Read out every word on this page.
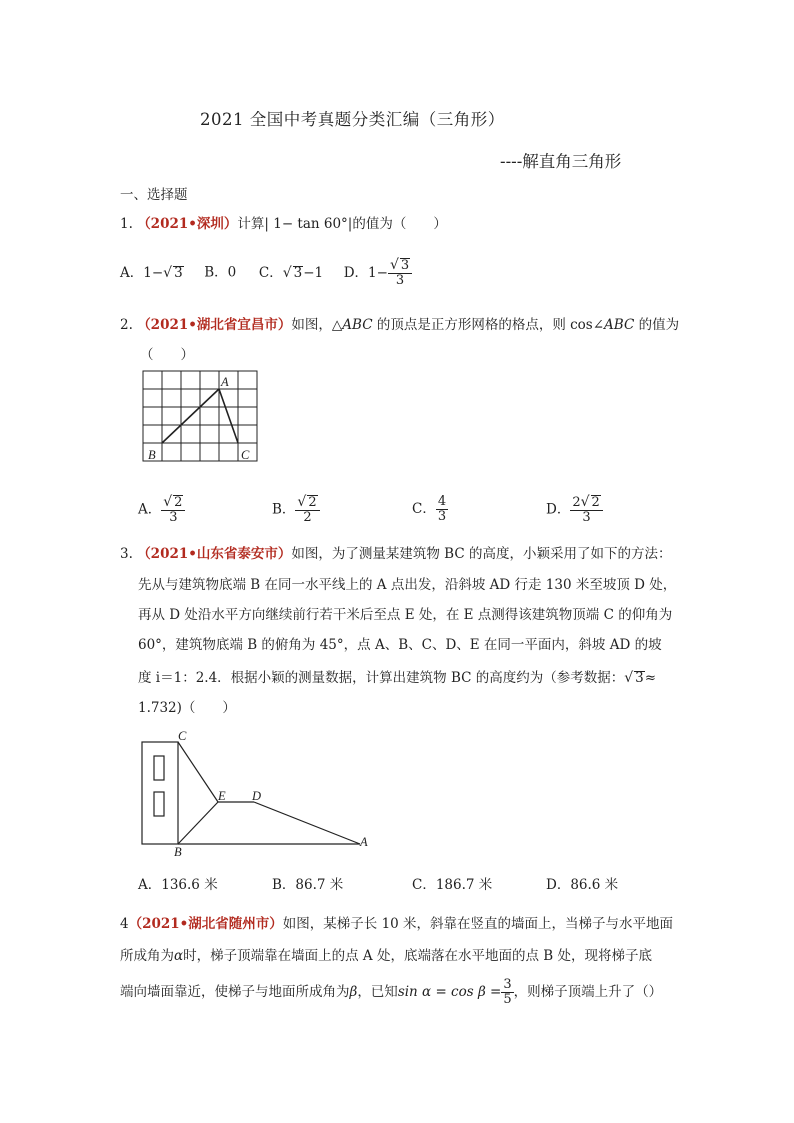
2021 全国中考真题分类汇编（三角形）
----解直角三角形
一、选择题
1. （2021•深圳）计算| 1− tan 60°|的值为（　　）
A．1−√ 3 B．0 C．√ 3−1 D．$1- \frac{√ 3}{3}$
2. （2021•湖北省宜昌市）如图，△ABC 的顶点是正方形网格的格点，则 cos∠ABC 的值为
（　　）
A
B	C
A． $\frac{√ 2}{3}$	B． $\frac{√ 2}{2}$	C． $\frac{4}{3}$	D． $\frac{2√ 2}{3}$
3. （2021•山东省泰安市）如图，为了测量某建筑物 BC 的高度，小颖采用了如下的方法：
先从与建筑物底端 B 在同一水平线上的 A 点出发，沿斜坡 AD 行走 130 米至坡顶 D 处，
再从 D 处沿水平方向继续前行若干米后至点 E 处，在 E 点测得该建筑物顶端 C 的仰角为
60°，建筑物底端 B 的俯角为 45°，点 A、B、C、D、E 在同一平面内，斜坡 AD 的坡
度 i＝1：2.4．根据小颖的测量数据，计算出建筑物 BC 的高度约为（参考数据：√ 3≈
1.732)（　　）
C
E D
B
A
A．136.6 米	B．86.7 米	C．186.7 米	D．86.6 米
4（2021•湖北省随州市）如图，某梯子长 10 米，斜靠在竖直的墙面上，当梯子与水平地面
所成角为α时，梯子顶端靠在墙面上的点 A 处，底端落在水平地面的点 B 处，现将梯子底
端向墙面靠近，使梯子与地面所成角为β，已知$\sin \alpha = \cos \beta = \frac{3}{5}$ ，则梯子顶端上升了（）
